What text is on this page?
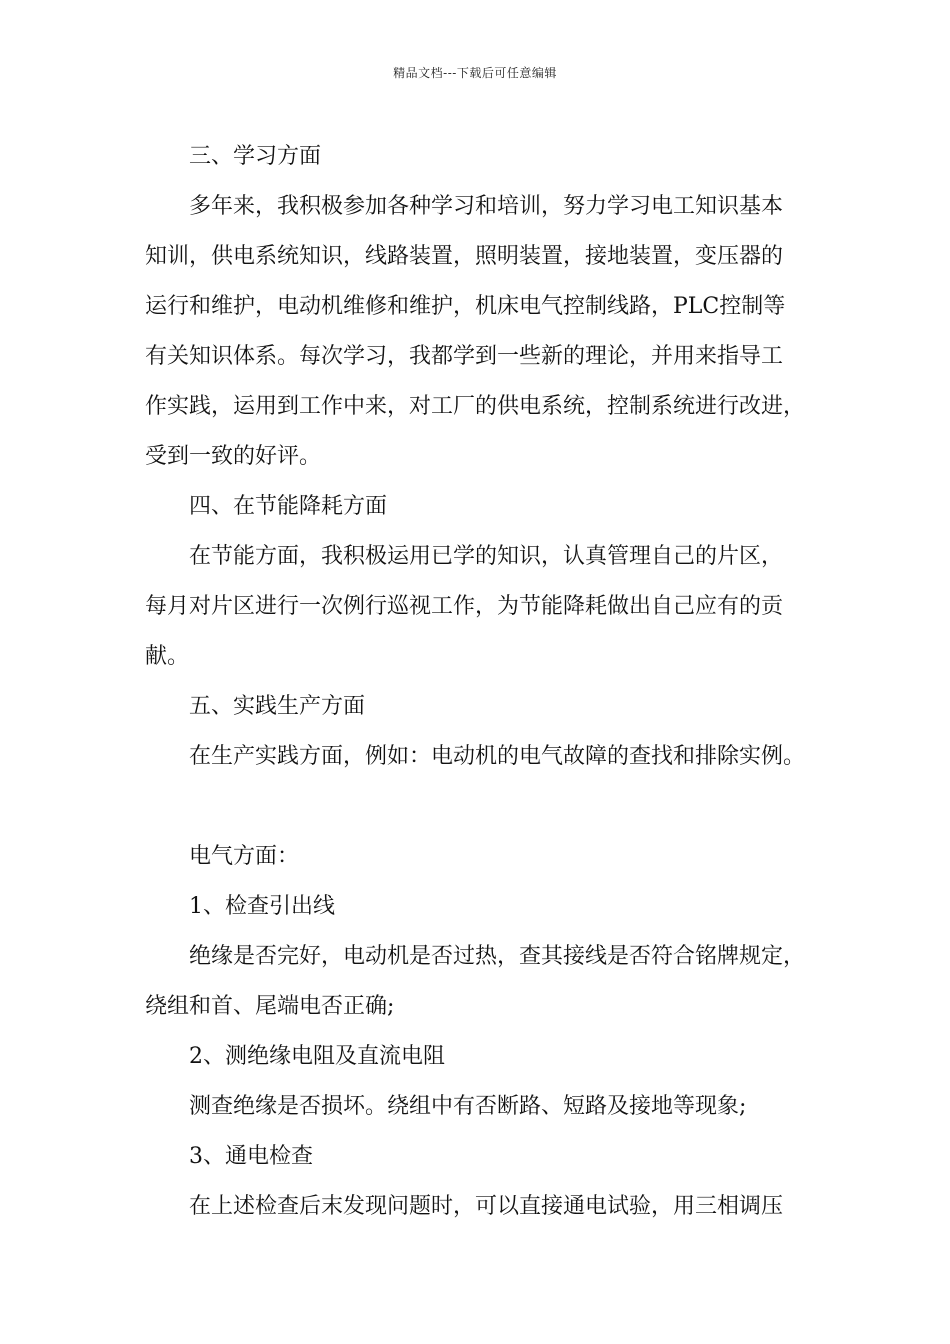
精品文档---下载后可任意编辑
三、学习方面
多年来，我积极参加各种学习和培训，努力学习电工知识基本
知训，供电系统知识，线路装置，照明装置，接地装置，变压器的
运行和维护，电动机维修和维护，机床电气控制线路，PLC控制等
有关知识体系。每次学习，我都学到一些新的理论，并用来指导工
作实践，运用到工作中来，对工厂的供电系统，控制系统进行改进，
受到一致的好评。
四、在节能降耗方面
在节能方面，我积极运用已学的知识，认真管理自己的片区，
每月对片区进行一次例行巡视工作，为节能降耗做出自己应有的贡
献。
五、实践生产方面
在生产实践方面，例如：电动机的电气故障的查找和排除实例。
电气方面：
1、检查引出线
绝缘是否完好，电动机是否过热，查其接线是否符合铭牌规定，
绕组和首、尾端电否正确;
2、测绝缘电阻及直流电阻
测查绝缘是否损坏。绕组中有否断路、短路及接地等现象;
3、通电检查
在上述检查后末发现问题时，可以直接通电试验，用三相调压
